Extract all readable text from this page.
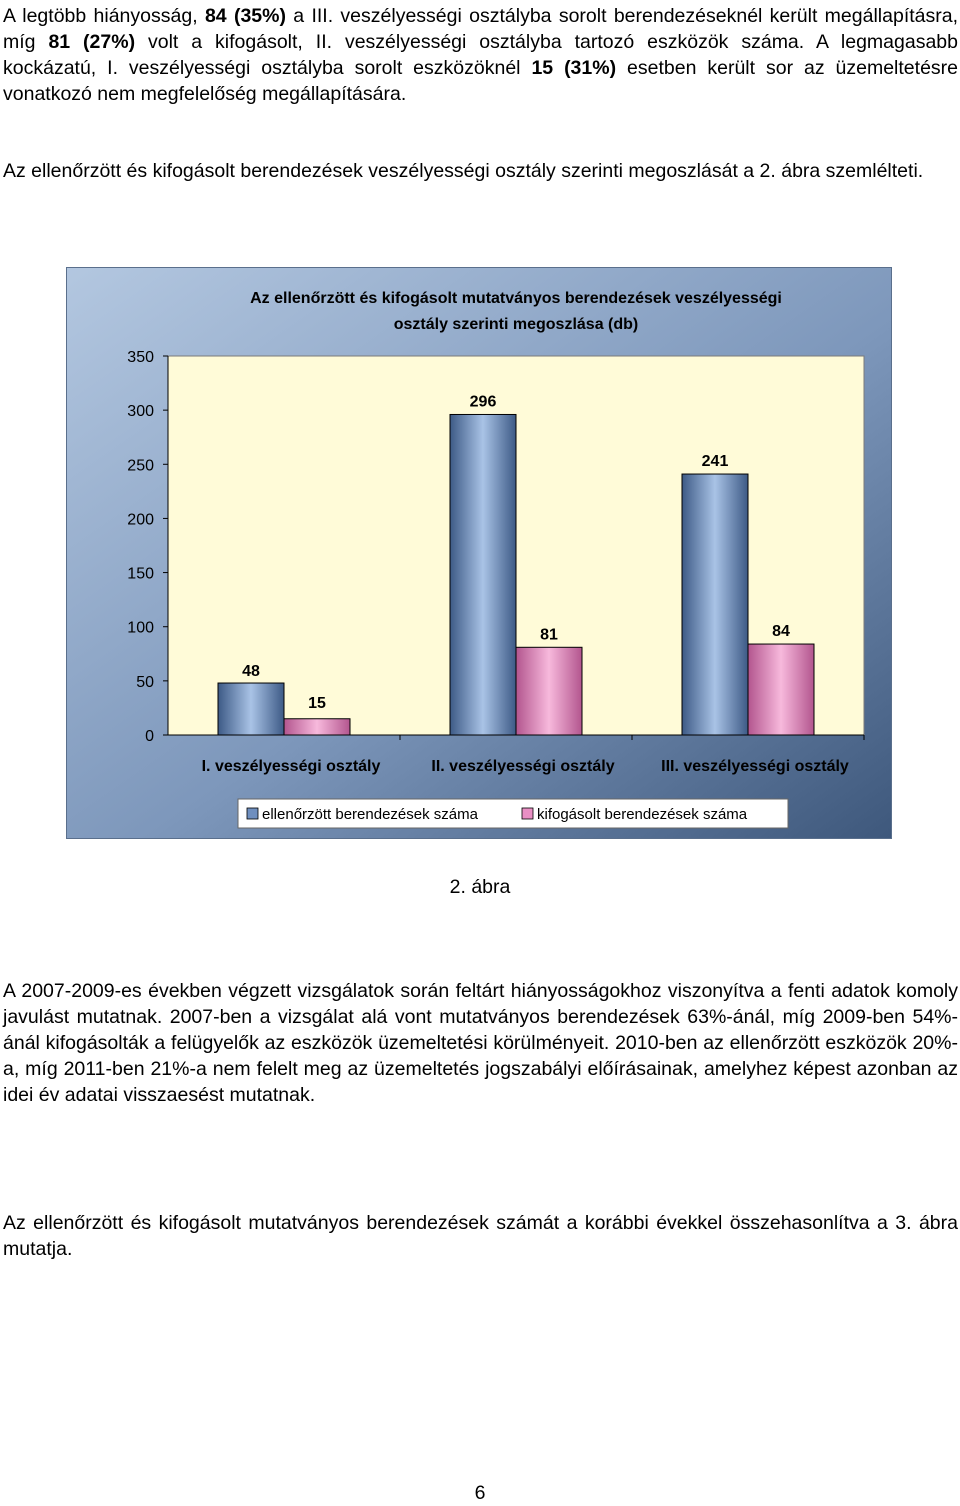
A legtöbb hiányosság, 84 (35%) a III. veszélyességi osztályba sorolt berendezéseknél került megállapításra, míg 81 (27%) volt a kifogásolt, II. veszélyességi osztályba tartozó eszközök száma. A legmagasabb kockázatú, I. veszélyességi osztályba sorolt eszközöknél 15 (31%) esetben került sor az üzemeltetésre vonatkozó nem megfelelőség megállapítására.

Az ellenőrzött és kifogásolt berendezések veszélyességi osztály szerinti megoszlását a 2. ábra szemlélteti.

Az ellenőrzött és kifogásolt mutatványos berendezések veszélyességi
osztály szerinti megoszlása (db)
0
50
100
150
200
250
300
350
48
15
296
81
241
84
I. veszélyességi osztály	II. veszélyességi osztály	III. veszélyességi osztály
ellenőrzött berendezések száma	kifogásolt berendezések száma
2. ábra

A 2007-2009-es években végzett vizsgálatok során feltárt hiányosságokhoz viszonyítva a fenti adatok komoly javulást mutatnak. 2007-ben a vizsgálat alá vont mutatványos berendezések 63%-ánál, míg 2009-ben 54%-ánál kifogásolták a felügyelők az eszközök üzemeltetési körülményeit. 2010-ben az ellenőrzött eszközök 20%-a, míg 2011-ben 21%-a nem felelt meg az üzemeltetés jogszabályi előírásainak, amelyhez képest azonban az idei év adatai visszaesést mutatnak.

Az ellenőrzött és kifogásolt mutatványos berendezések számát a korábbi évekkel összehasonlítva a 3. ábra mutatja.

6
